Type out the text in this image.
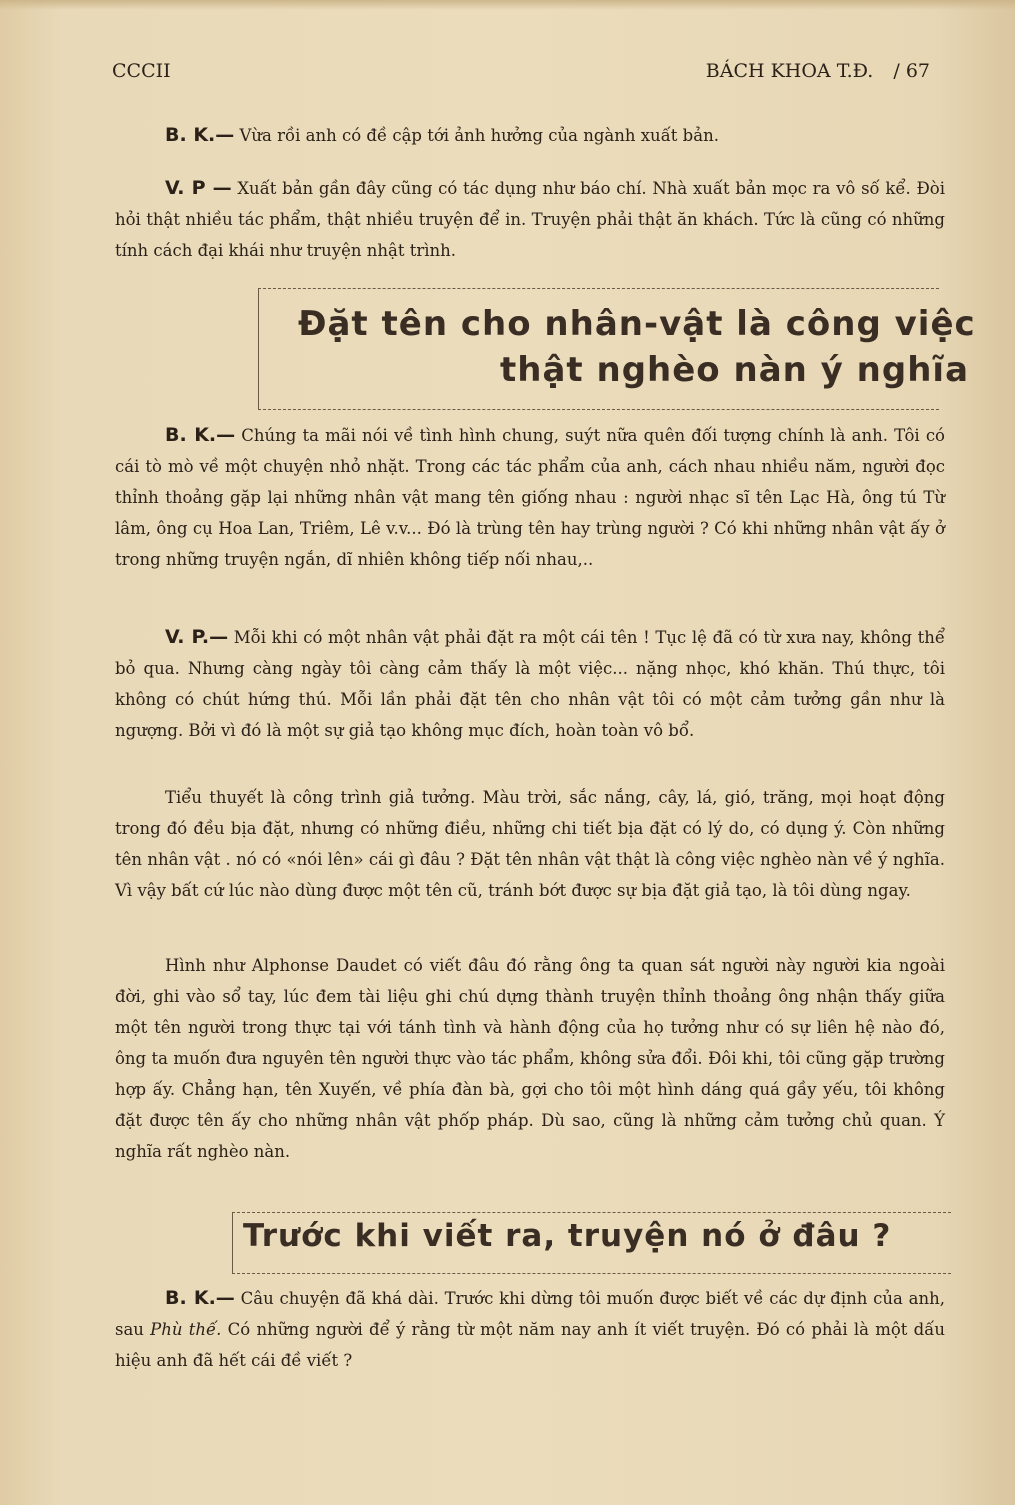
CCCII	BÁCH KHOA T.Đ. / 67

B. K.— Vừa rồi anh có đề cập tới ảnh hưởng của ngành xuất bản.

V. P — Xuất bản gần đây cũng có tác dụng như báo chí. Nhà xuất bản mọc ra vô số kể. Đòi hỏi thật nhiều tác phẩm, thật nhiều truyện để in. Truyện phải thật ăn khách. Tức là cũng có những tính cách đại khái như truyện nhật trình.

Đặt tên cho nhân-vật là công việc
thật nghèo nàn ý nghĩa

B. K.— Chúng ta mãi nói về tình hình chung, suýt nữa quên đối tượng chính là anh. Tôi có cái tò mò về một chuyện nhỏ nhặt. Trong các tác phẩm của anh, cách nhau nhiều năm, người đọc thỉnh thoảng gặp lại những nhân vật mang tên giống nhau : người nhạc sĩ tên Lạc Hà, ông tú Từ lâm, ông cụ Hoa Lan, Triêm, Lê v.v... Đó là trùng tên hay trùng người ? Có khi những nhân vật ấy ở trong những truyện ngắn, dĩ nhiên không tiếp nối nhau,..

V. P.— Mỗi khi có một nhân vật phải đặt ra một cái tên ! Tục lệ đã có từ xưa nay, không thể bỏ qua. Nhưng càng ngày tôi càng cảm thấy là một việc... nặng nhọc, khó khăn. Thú thực, tôi không có chút hứng thú. Mỗi lần phải đặt tên cho nhân vật tôi có một cảm tưởng gần như là ngượng. Bởi vì đó là một sự giả tạo không mục đích, hoàn toàn vô bổ.

Tiểu thuyết là công trình giả tưởng. Màu trời, sắc nắng, cây, lá, gió, trăng, mọi hoạt động trong đó đều bịa đặt, nhưng có những điều, những chi tiết bịa đặt có lý do, có dụng ý. Còn những tên nhân vật . nó có «nói lên» cái gì đâu ? Đặt tên nhân vật thật là công việc nghèo nàn về ý nghĩa. Vì vậy bất cứ lúc nào dùng được một tên cũ, tránh bớt được sự bịa đặt giả tạo, là tôi dùng ngay.

Hình như Alphonse Daudet có viết đâu đó rằng ông ta quan sát người này người kia ngoài đời, ghi vào sổ tay, lúc đem tài liệu ghi chú dựng thành truyện thỉnh thoảng ông nhận thấy giữa một tên người trong thực tại với tánh tình và hành động của họ tưởng như có sự liên hệ nào đó, ông ta muốn đưa nguyên tên người thực vào tác phẩm, không sửa đổi. Đôi khi, tôi cũng gặp trường hợp ấy. Chẳng hạn, tên Xuyến, về phía đàn bà, gợi cho tôi một hình dáng quá gầy yếu, tôi không đặt được tên ấy cho những nhân vật phốp pháp. Dù sao, cũng là những cảm tưởng chủ quan. Ý nghĩa rất nghèo nàn.

Trước khi viết ra, truyện nó ở đâu ?

B. K.— Câu chuyện đã khá dài. Trước khi dừng tôi muốn được biết về các dự định của anh, sau Phù thế. Có những người để ý rằng từ một năm nay anh ít viết truyện. Đó có phải là một dấu hiệu anh đã hết cái đề viết ?
